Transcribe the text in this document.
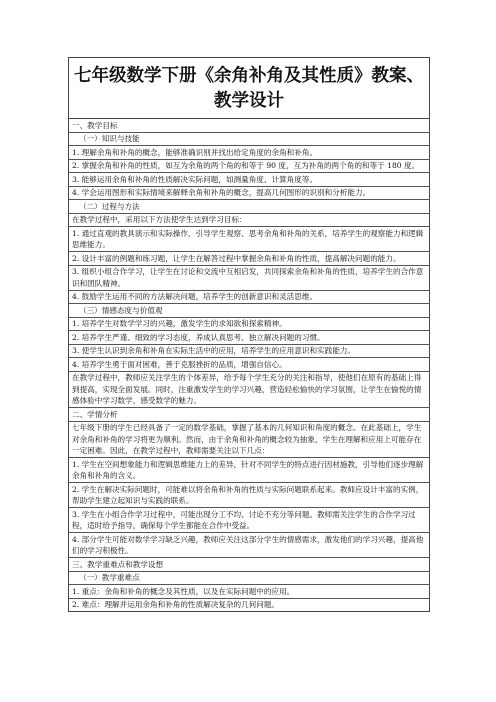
七年级数学下册《余角补角及其性质》教案、
教学设计
一、教学目标
（一）知识与技能
1. 理解余角和补角的概念，能够准确识别并找出给定角度的余角和补角。
2. 掌握余角和补角的性质，如互为余角的两个角的和等于 90 度，互为补角的两个角的和等于 180 度。
3. 能够运用余角和补角的性质解决实际问题，如测量角度、计算角度等。
4. 学会运用图形和实际情境来解释余角和补角的概念，提高几何图形的识别和分析能力。
（二）过程与方法
在教学过程中，采用以下方法使学生达到学习目标：
1. 通过直观的教具演示和实际操作，引导学生观察、思考余角和补角的关系，培养学生的观察能力和逻辑思维能力。
2. 设计丰富的例题和练习题，让学生在解答过程中掌握余角和补角的性质，提高解决问题的能力。
3. 组织小组合作学习，让学生在讨论和交流中互相启发，共同探索余角和补角的性质，培养学生的合作意识和团队精神。
4. 鼓励学生运用不同的方法解决问题，培养学生的创新意识和灵活思维。
（三）情感态度与价值观
1. 培养学生对数学学习的兴趣，激发学生的求知欲和探索精神。
2. 培养学生严谨、细致的学习态度，养成认真思考、独立解决问题的习惯。
3. 使学生认识到余角和补角在实际生活中的应用，培养学生的应用意识和实践能力。
4. 培养学生勇于面对困难，善于克服挫折的品质，增强自信心。
在教学过程中，教师应关注学生的个体差异，给予每个学生充分的关注和指导，使他们在原有的基础上得到提高，实现全面发展。同时，注重激发学生的学习兴趣，营造轻松愉快的学习氛围，让学生在愉悦的情感体验中学习数学，感受数学的魅力。
二、学情分析
七年级下册的学生已经具备了一定的数学基础，掌握了基本的几何知识和角度的概念。在此基础上，学生对余角和补角的学习将更为顺利。然而，由于余角和补角的概念较为抽象，学生在理解和应用上可能存在一定困难。因此，在教学过程中，教师需要关注以下几点：
1. 学生在空间想象能力和逻辑思维能力上的差异，针对不同学生的特点进行因材施教，引导他们逐步理解余角和补角的含义。
2. 学生在解决实际问题时，可能难以将余角和补角的性质与实际问题联系起来。教师应设计丰富的实例，帮助学生建立起知识与实践的联系。
3. 学生在小组合作学习过程中，可能出现分工不均、讨论不充分等问题。教师需关注学生的合作学习过程，适时给予指导，确保每个学生都能在合作中受益。
4. 部分学生可能对数学学习缺乏兴趣，教师应关注这部分学生的情感需求，激发他们的学习兴趣，提高他们的学习积极性。
三、教学重难点和教学设想
（一）教学重难点
1. 重点：余角和补角的概念及其性质，以及在实际问题中的应用。
2. 难点：理解并运用余角和补角的性质解决复杂的几何问题。
